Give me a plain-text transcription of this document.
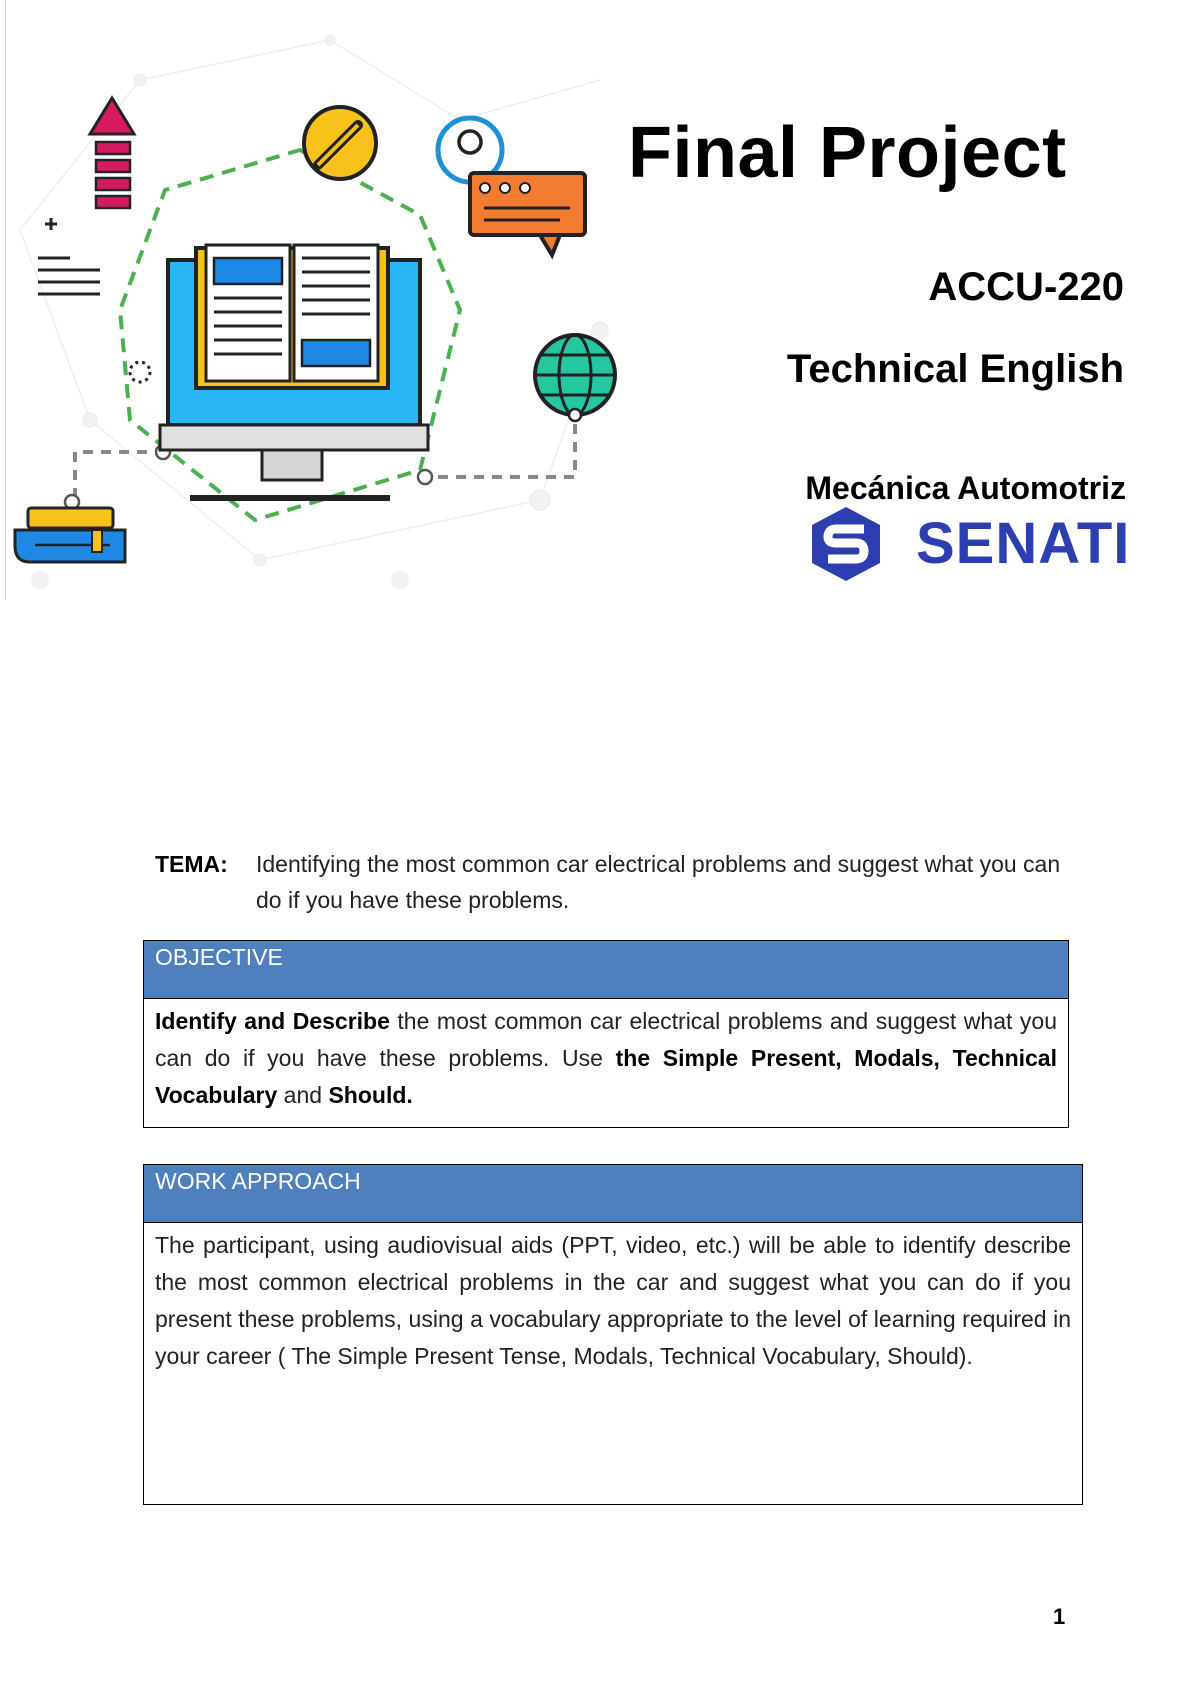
Final Project
ACCU-220
Technical English
SENATI
Mecánica Automotriz
TEMA: Identifying the most common car electrical problems and suggest what you can do if you have these problems.
OBJECTIVE
Identify and Describe the most common car electrical problems and suggest what you can do if you have these problems. Use the Simple Present, Modals, Technical Vocabulary and Should.
WORK APPROACH
The participant, using audiovisual aids (PPT, video, etc.) will be able to identify describe the most common electrical problems in the car and suggest what you can do if you present these problems, using a vocabulary appropriate to the level of learning required in your career ( The Simple Present Tense, Modals, Technical Vocabulary, Should).
1
